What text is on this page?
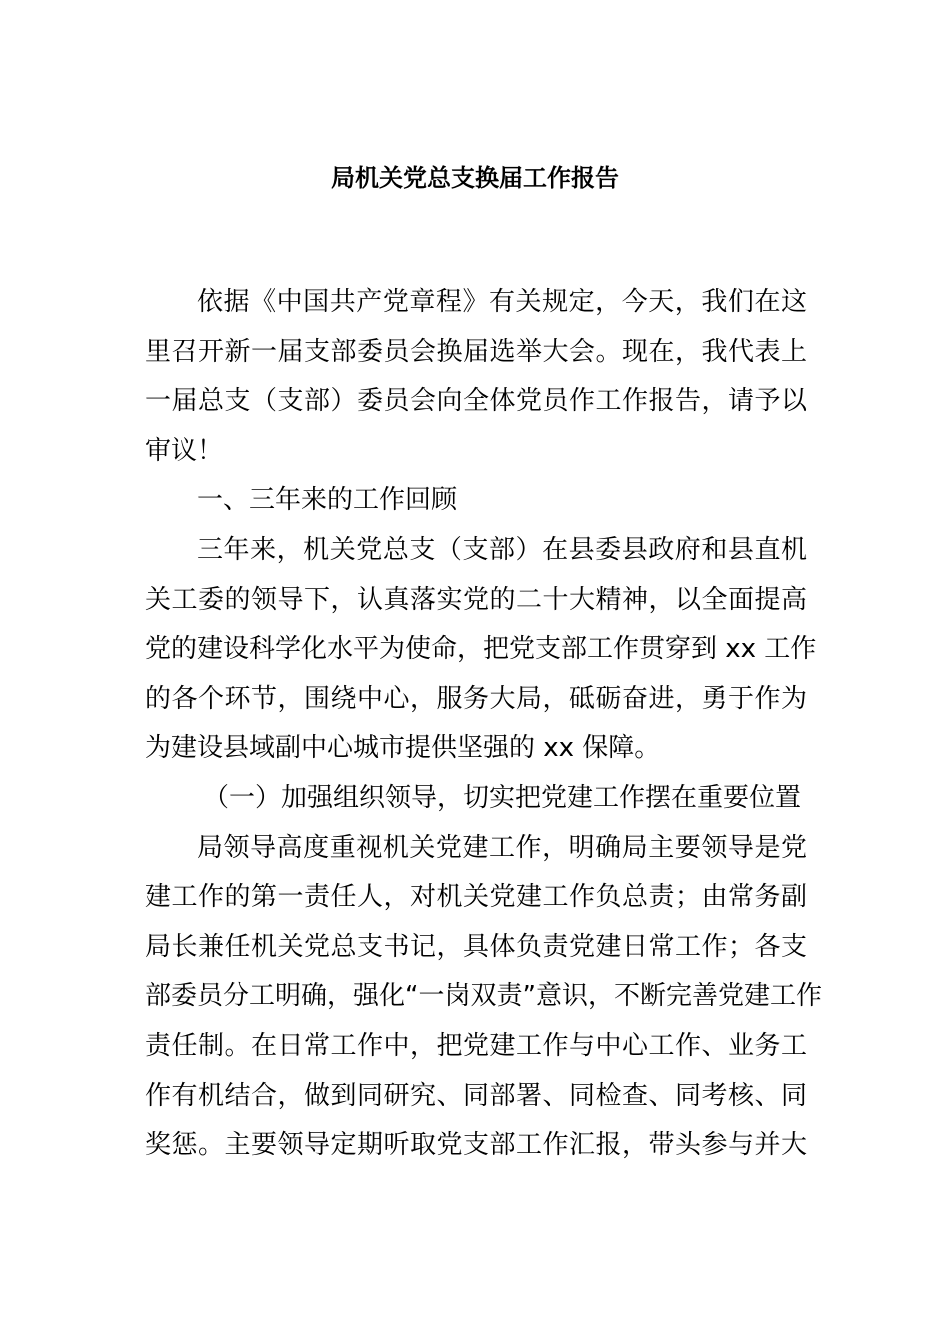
局机关党总支换届工作报告
依据《中国共产党章程》有关规定，今天，我们在这
里召开新一届支部委员会换届选举大会。现在，我代表上
一届总支（支部）委员会向全体党员作工作报告，请予以
审议！
一、三年来的工作回顾
三年来，机关党总支（支部）在县委县政府和县直机
关工委的领导下，认真落实党的二十大精神，以全面提高
党的建设科学化水平为使命，把党支部工作贯穿到 xx 工作
的各个环节，围绕中心，服务大局，砥砺奋进，勇于作为
为建设县域副中心城市提供坚强的 xx 保障。
（一）加强组织领导，切实把党建工作摆在重要位置
局领导高度重视机关党建工作，明确局主要领导是党
建工作的第一责任人，对机关党建工作负总责；由常务副
局长兼任机关党总支书记，具体负责党建日常工作；各支
部委员分工明确，强化“一岗双责”意识，不断完善党建工作
责任制。在日常工作中，把党建工作与中心工作、业务工
作有机结合，做到同研究、同部署、同检查、同考核、同
奖惩。主要领导定期听取党支部工作汇报，带头参与并大
